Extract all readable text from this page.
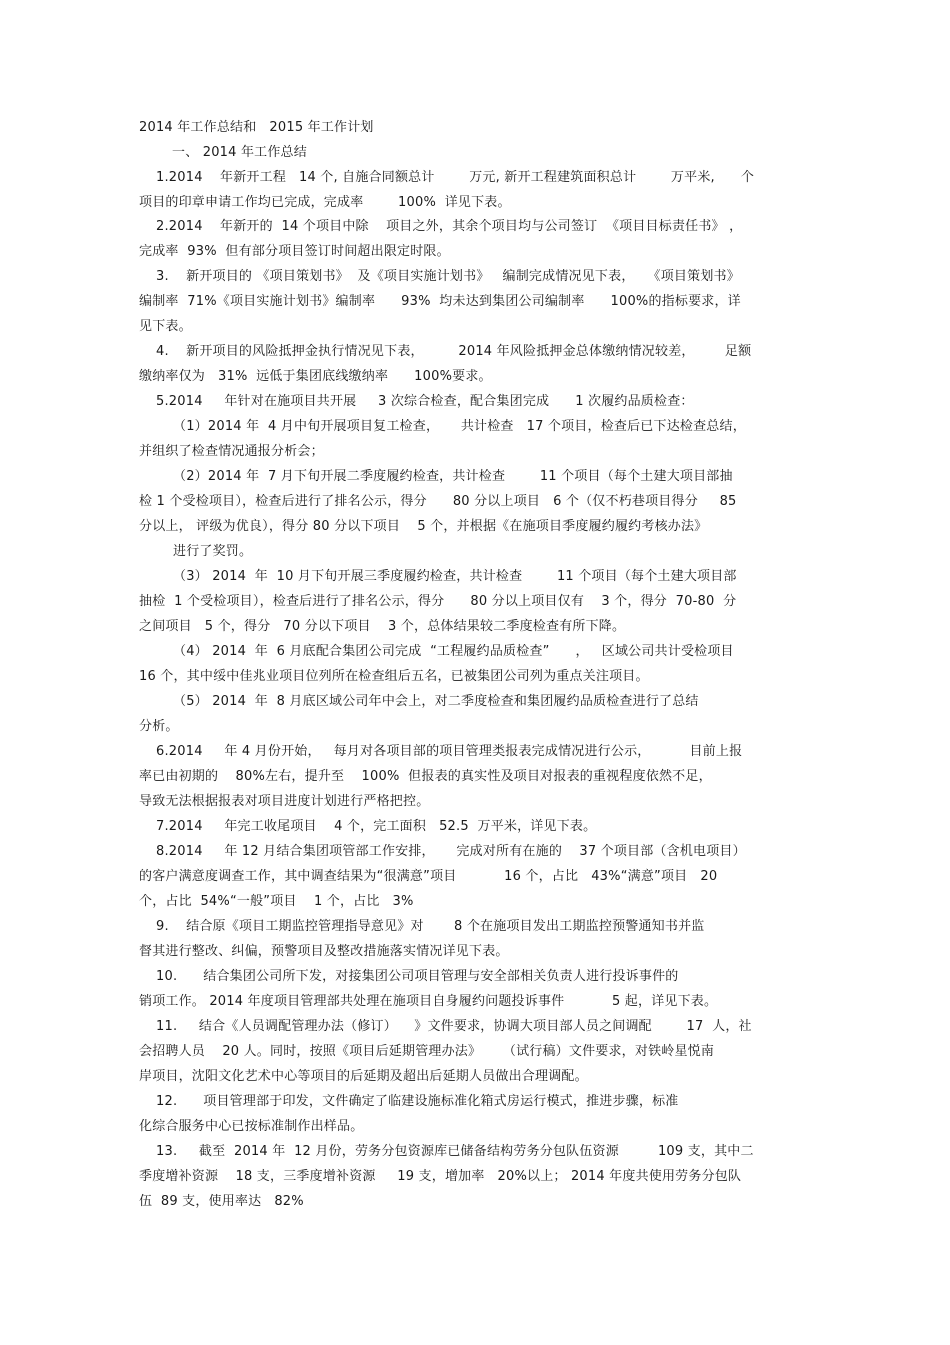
2014 年工作总结和   2015 年工作计划
一、 2014 年工作总结
1.2014    年新开工程   14 个, 自施合同额总计        万元, 新开工程建筑面积总计        万平米,      个
项目的印章申请工作均已完成，完成率        100%  详见下表。
2.2014    年新开的  14 个项目中除    项目之外，其余个项目均与公司签订  《项目目标责任书》 ，
完成率  93%  但有部分项目签订时间超出限定时限。
3.    新开项目的 《项目策划书》  及《项目实施计划书》   编制完成情况见下表，   《项目策划书》
编制率  71%《项目实施计划书》编制率      93%  均未达到集团公司编制率      100%的指标要求，详
见下表。
4.    新开项目的风险抵押金执行情况见下表，        2014 年风险抵押金总体缴纳情况较差，       足额
缴纳率仅为   31%  远低于集团底线缴纳率      100%要求。
5.2014     年针对在施项目共开展     3 次综合检查，配合集团完成      1 次履约品质检查：
（1）2014 年  4 月中旬开展项目复工检查，     共计检查   17 个项目，检查后已下达检查总结，
并组织了检查情况通报分析会；
（2）2014 年  7 月下旬开展二季度履约检查，共计检查        11 个项目（每个土建大项目部抽
检 1 个受检项目），检查后进行了排名公示，得分      80 分以上项目   6 个（仅不朽巷项目得分     85
分以上， 评级为优良），得分 80 分以下项目    5 个，并根据《在施项目季度履约履约考核办法》
进行了奖罚。
（3） 2014  年  10 月下旬开展三季度履约检查，共计检查        11 个项目（每个土建大项目部
抽检  1 个受检项目），检查后进行了排名公示，得分      80 分以上项目仅有    3 个，得分  70-80  分
之间项目   5 个，得分   70 分以下项目    3 个，总体结果较二季度检查有所下降。
（4） 2014  年  6 月底配合集团公司完成  “工程履约品质检查”      ，   区域公司共计受检项目
16 个，其中绥中佳兆业项目位列所在检查组后五名，已被集团公司列为重点关注项目。
（5） 2014  年  8 月底区域公司年中会上，对二季度检查和集团履约品质检查进行了总结
分析。
6.2014     年 4 月份开始，   每月对各项目部的项目管理类报表完成情况进行公示，         目前上报
率已由初期的    80%左右，提升至    100%  但报表的真实性及项目对报表的重视程度依然不足，
导致无法根据报表对项目进度计划进行严格把控。
7.2014     年完工收尾项目    4 个，完工面积   52.5  万平米，详见下表。
8.2014     年 12 月结合集团项管部工作安排，     完成对所有在施的    37 个项目部（含机电项目）
的客户满意度调查工作，其中调查结果为“很满意”项目           16 个，占比   43%“满意”项目   20
个，占比  54%“一般”项目    1 个，占比   3%
9.    结合原《项目工期监控管理指导意见》对       8 个在施项目发出工期监控预警通知书并监
督其进行整改、纠偏，预警项目及整改措施落实情况详见下表。
10.      结合集团公司所下发，对接集团公司项目管理与安全部相关负责人进行投诉事件的
销项工作。 2014 年度项目管理部共处理在施项目自身履约问题投诉事件           5 起，详见下表。
11.     结合《人员调配管理办法（修订）    》文件要求，协调大项目部人员之间调配        17  人，社
会招聘人员    20 人。同时，按照《项目后延期管理办法》     （试行稿）文件要求，对铁岭星悦南
岸项目，沈阳文化艺术中心等项目的后延期及超出后延期人员做出合理调配。
12.      项目管理部于印发，文件确定了临建设施标准化箱式房运行模式，推进步骤，标准
化综合服务中心已按标准制作出样品。
13.     截至  2014 年  12 月份，劳务分包资源库已储备结构劳务分包队伍资源         109 支，其中二
季度增补资源    18 支，三季度增补资源     19 支，增加率   20%以上； 2014 年度共使用劳务分包队
伍  89 支，使用率达   82%
